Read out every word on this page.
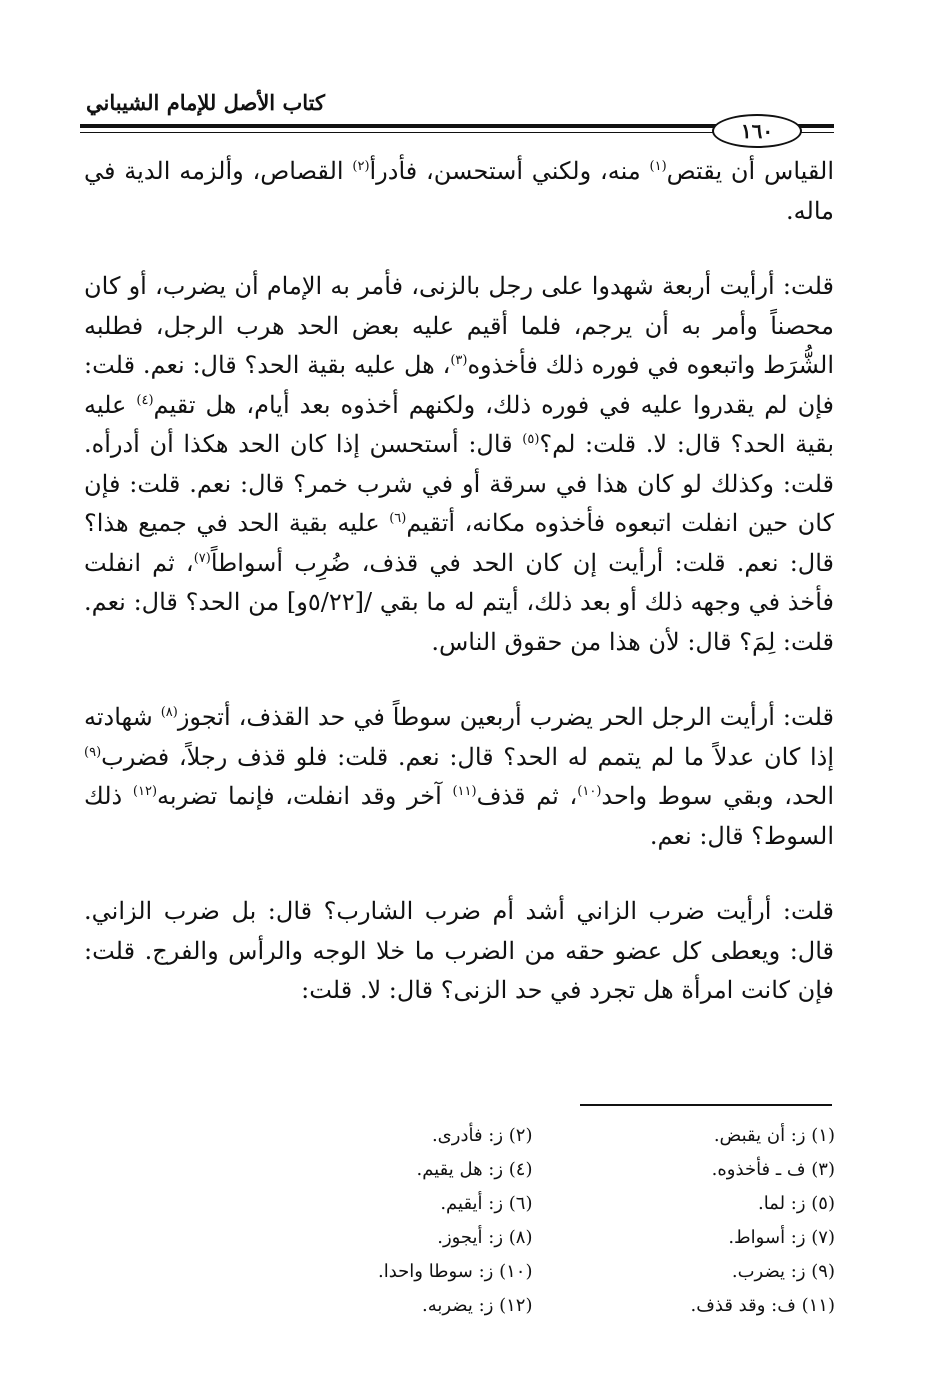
كتاب الأصل للإمام الشيباني
١٦٠

القياس أن يقتص$^{(١)}$ منه، ولكني أستحسن، فأدرأ$^{(٢)}$ القصاص، وألزمه الدية في ماله.

قلت: أرأيت أربعة شهدوا على رجل بالزنى، فأمر به الإمام أن يضرب، أو كان محصناً وأمر به أن يرجم، فلما أقيم عليه بعض الحد هرب الرجل، فطلبه الشُّرَط واتبعوه في فوره ذلك فأخذوه$^{(٣)}$، هل عليه بقية الحد؟ قال: نعم. قلت: فإن لم يقدروا عليه في فوره ذلك، ولكنهم أخذوه بعد أيام، هل تقيم$^{(٤)}$ عليه بقية الحد؟ قال: لا. قلت: لم؟$^{(٥)}$ قال: أستحسن إذا كان الحد هكذا أن أدرأه. قلت: وكذلك لو كان هذا في سرقة أو في شرب خمر؟ قال: نعم. قلت: فإن كان حين انفلت اتبعوه فأخذوه مكانه، أتقيم$^{(٦)}$ عليه بقية الحد في جميع هذا؟ قال: نعم. قلت: أرأيت إن كان الحد في قذف، ضُرِب أسواطاً$^{(٧)}$، ثم انفلت فأخذ في وجهه ذلك أو بعد ذلك، أيتم له ما بقي /[٥/٢٢و] من الحد؟ قال: نعم. قلت: لِمَ؟ قال: لأن هذا من حقوق الناس.

قلت: أرأيت الرجل الحر يضرب أربعين سوطاً في حد القذف، أتجوز$^{(٨)}$ شهادته إذا كان عدلاً ما لم يتمم له الحد؟ قال: نعم. قلت: فلو قذف رجلاً، فضرب$^{(٩)}$ الحد، وبقي سوط واحد$^{(١٠)}$، ثم قذف$^{(١١)}$ آخر وقد انفلت، فإنما تضربه$^{(١٢)}$ ذلك السوط؟ قال: نعم.

قلت: أرأيت ضرب الزاني أشد أم ضرب الشارب؟ قال: بل ضرب الزاني. قال: ويعطى كل عضو حقه من الضرب ما خلا الوجه والرأس والفرج. قلت: فإن كانت امرأة هل تجرد في حد الزنى؟ قال: لا. قلت:

(١) ز: أن يقبض.
(٢) ز: فأدرى.
(٣) ف ـ فأخذوه.
(٤) ز: هل يقيم.
(٥) ز: لما.
(٦) ز: أيقيم.
(٧) ز: أسواط.
(٨) ز: أيجوز.
(٩) ز: يضرب.
(١٠) ز: سوطا واحدا.
(١١) ف: وقد قذف.
(١٢) ز: يضربه.
